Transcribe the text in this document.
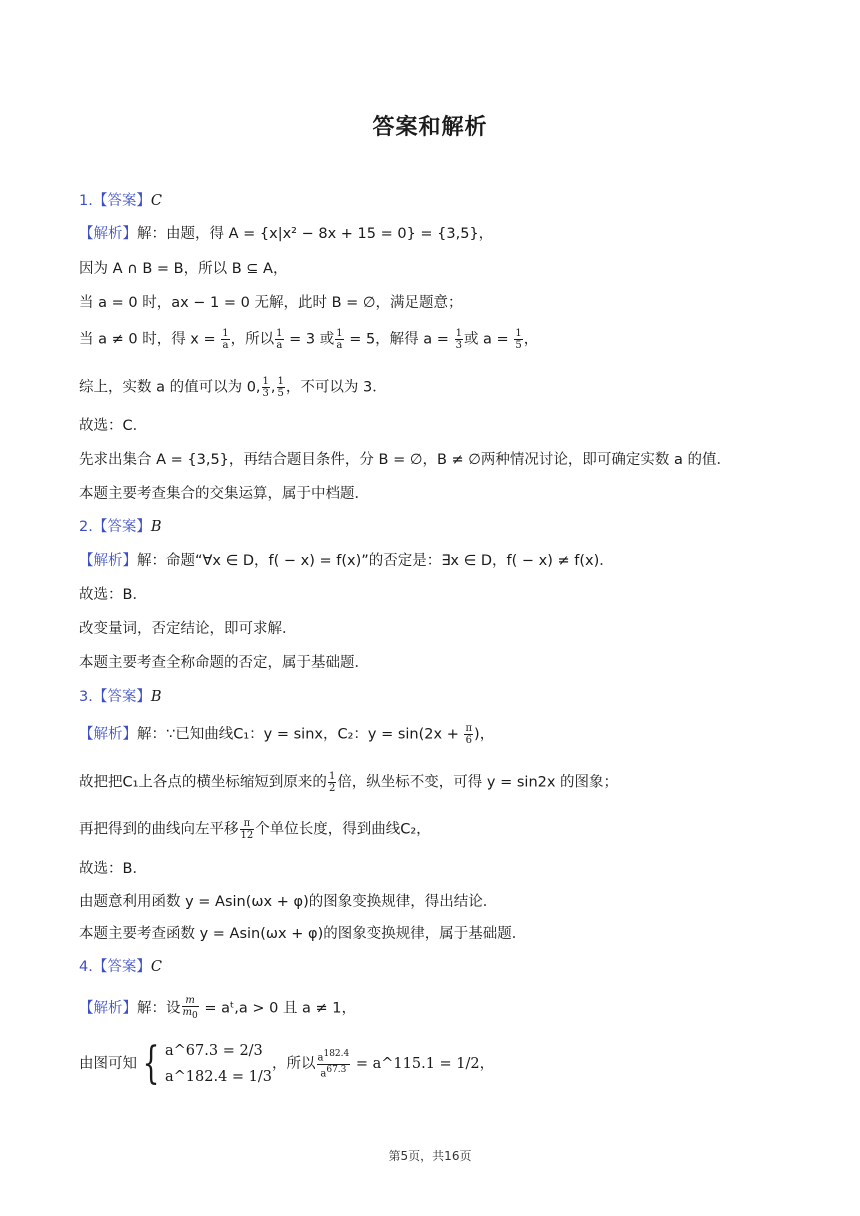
答案和解析
1.【答案】C
【解析】解：由题，得 A = {x|x² − 8x + 15 = 0} = {3,5}，
因为 A ∩ B = B，所以 B ⊆ A，
当 a = 0 时，ax − 1 = 0 无解，此时 B = ∅，满足题意；
当 a ≠ 0 时，得 $x = \frac{1}{a}$ ，所以 $\frac{1}{a} = 3$ 或 $\frac{1}{a} = 5$，解得 $a = \frac{1}{3}$ 或 $a = \frac{1}{5}$ ，
综上，实数 a 的值可以为 0, $\frac{1}{3}$ , $\frac{1}{5}$ ，不可以为 3．
故选：C．
先求出集合 A = {3,5}，再结合题目条件，分 B = ∅，B ≠ ∅两种情况讨论，即可确定实数 a 的值．
本题主要考查集合的交集运算，属于中档题．
2.【答案】B
【解析】解：命题“∀x ∈ D，f( − x) = f(x)”的否定是：∃x ∈ D，f( − x) ≠ f(x)．
故选：B．
改变量词，否定结论，即可求解．
本题主要考查全称命题的否定，属于基础题．
3.【答案】B
【解析】解：∵已知曲线C₁：y = sinx，C₂：$y = \sin(2x + \frac{\pi}{6}$ )，
故把把C₁上各点的横坐标缩短到原来的 $\frac{1}{2}$ 倍，纵坐标不变，可得 y = sin2x 的图象；
再把得到的曲线向左平移 $\frac{\pi}{12}$ 个单位长度，得到曲线C₂，
故选：B．
由题意利用函数 y = Asin(ωx + φ)的图象变换规律，得出结论．
本题主要考查函数 y = Asin(ωx + φ)的图象变换规律，属于基础题．
4.【答案】C
【解析】解：设 $\frac{m}{m_0}$ = aᵗ,a > 0 且 a ≠ 1，
由图可知 { a^67.3 = 2/3
a^182.4 = 1/3
，所以 $\frac{a^{182.4}}{a^{67.3}}$ = a^115.1 = 1/2，
第5页，共16页
